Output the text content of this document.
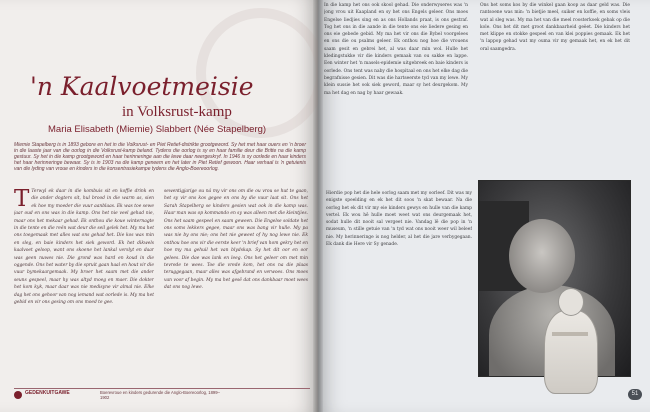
'n Kaalvoetmeisie
in Volksrust-kamp
Maria Elisabeth (Miemie) Slabbert (Née Stapelberg)
Miemie Stapelberg is in 1893 gebore en het in die Volksrust- en Piet Retief-distrikte grootgeword. Sy het met haar ouers en 'n broer in die laaste jaar van die oorlog in die Volksrust-kamp beland. Tydens die oorlog is sy en haar familie deur die Britte na die kamp gestuur. Sy het in die kamp grootgeword en haar herinneringe aan die lewe daar neergeskryf. In 1946 is sy oorlede en haar kinders het haar herinneringe bewaar. Sy is in 1903 na die kamp geneem en het later in Piet Retief gewoon. Haar verhaal is 'n getuienis van die lyding van vroue en kinders in die konsentrasiekampe tydens die Anglo-Boereoorlog.
T Terwyl ek daar in die kombuis sit en koffie drink en die ander dogters sit, hul brood in die warm as, sien ek hoe my moeder die vuur aanblaas. Ek was toe sewe jaar oud en ons was in die kamp. Ons het nie veel gehad nie, maar ons het mekaar gehad. Ek onthou die koue winternagte in die tente en die reën wat deur die seil gelek het. My ma het ons toegemaak met alles wat ons gehad het. Die kos was min en sleg, en baie kinders het siek geword. Ek het dikwels kaalvoet geloop, want ons skoene het lankal verslyt en daar was geen nuwes nie. Die grond was hard en koud in die oggende. Ons het water by die spruit gaan haal en hout vir die vuur bymekaargemaak. My broer het saam met die ander seuns gespeel, maar hy was altyd moeg en maer. Die dokter het kom kyk, maar daar was nie medisyne vir almal nie. Elke dag het ons gehoor van nog iemand wat oorlede is. My ma het gebid en vir ons gesing om ons moed te gee.
sewentigjarige ou ná my vir ons om die ou vrou se hut te gaan, het sy vir ons kos gegee en ons by die vuur laat sit. Ons het Sarah Stapelberg se kinders gesien wat ook in die kamp was. Haar man was op kommando en sy was alleen met die kleintjies. Ons het saam gespeel en saam geween. Die Engelse soldate het ons soms lekkers gegee, maar ons was bang vir hulle. My pa was nie by ons nie; ons het nie geweet of hy nog lewe nie. Ek onthou hoe ons vir die eerste keer 'n brief van hom gekry het en hoe my ma gehuil het van blydskap. Sy het dit oor en oor gelees. Die dae was lank en leeg. Ons het geleer om met min tevrede te wees. Toe die vrede kom, het ons na die plaas teruggegaan, maar alles was afgebrand en verwoes. Ons moes van voor af begin. My ma het gesê dat ons dankbaar moet wees dat ons nog lewe.
GEDENKUITGAWE	Boerevroue en kinders gedurende die Anglo-Boereoorlog, 1899–1902
In die kamp het ons ook skool gehad. Die onderwyseres was 'n jong vrou uit Kaapland en sy het ons Engels geleer. Ons moes Engelse liedjies sing en as ons Hollands praat, is ons gestraf. Tog het ons in die aande in die tente ons eie liedere gesing en ons eie gebede gebid. My ma het vir ons die Bybel voorgelees en ons die ou psalms geleer. Ek onthou nog hoe die vrouens saam gesit en gebrei het, al was daar min wol. Hulle het kledingstukke vir die kinders gemaak van ou sakke en lappe. Een winter het 'n masels-epidemie uitgebreek en baie kinders is oorlede. Ons tent was naby die hospitaal en ons het elke dag die begrafnisse gesien. Dit was die hartseerste tyd van my lewe. My klein sussie het ook siek geword, maar sy het deurgekom. My ma het dag en nag by haar gewaak.
Ons het soms kos by die winkel gaan koop as daar geld was. Die rantsoene was min: 'n bietjie meel, suiker en koffie, en soms vleis wat al sleg was. My ma het van die meel roosterkoek gebak op die kole. Ons het dit met groot dankbaarheid geëet. Die kinders het met klippe en stokke gespeel en van klei poppies gemaak. Ek het 'n lappop gehad wat my ouma vir my gemaak het, en ek het dit oral saamgedra.
Hierdie pop het die hele oorlog saam met my oorleef. Dit was my enigste speelding en ek het dit soos 'n skat bewaar. Na die oorlog het ek dit vir my eie kinders gewys en hulle van die kamp vertel. Ek wou hê hulle moet weet wat ons deurgemaak het, sodat hulle dit nooit sal vergeet nie. Vandag lê die pop in 'n museum, 'n stille getuie van 'n tyd wat ons nooit weer wil beleef nie. My herinneringe is nog helder, al het die jare verbygegaan. Ek dank die Here vir Sy genade.
51
